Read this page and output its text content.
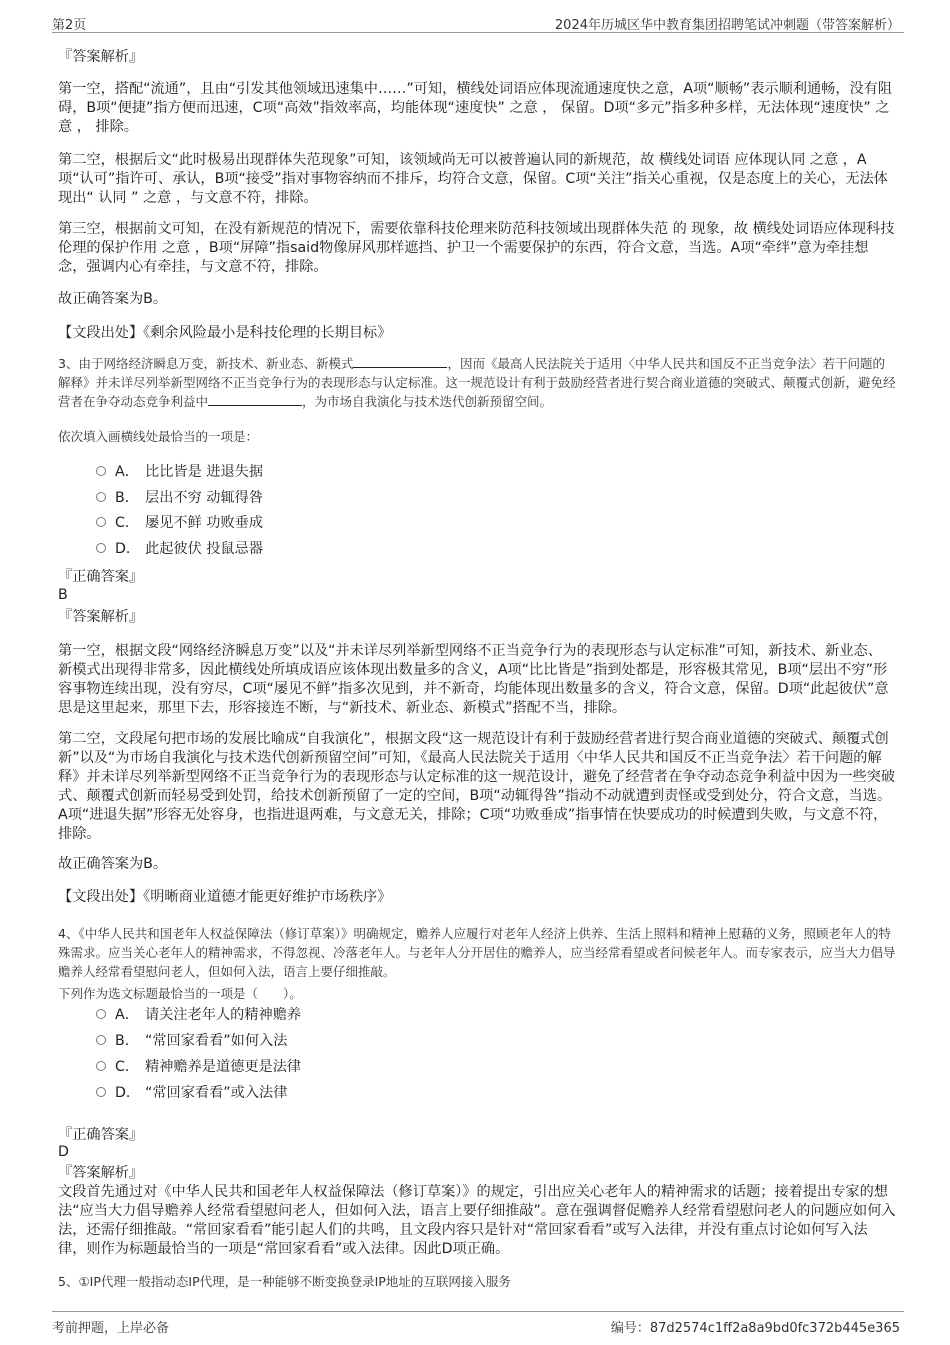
第2页	2024年历城区华中教育集团招聘笔试冲刺题（带答案解析）
『答案解析』

第一空，搭配“流通”，且由“引发其他领域迅速集中……”可知，横线处词语应体现流通速度快之意，A项“顺畅”表示顺利通畅，没有阻碍，B项“便捷”指方便而迅速，C项“高效”指效率高，均能体现“速度快” 之意 ， 保留。D项“多元”指多种多样，无法体现“速度快” 之意 ， 排除。

第二空，根据后文“此时极易出现群体失范现象”可知，该领域尚无可以被普遍认同的新规范，故 横线处词语 应体现认同 之意 ，A项“认可”指许可、承认，B项“接受”指对事物容纳而不排斥，均符合文意，保留。C项“关注”指关心重视，仅是态度上的关心，无法体现出“ 认同 ” 之意 ，与文意不符，排除。

第三空，根据前文可知，在没有新规范的情况下，需要依靠科技伦理来防范科技领域出现群体失范 的 现象，故 横线处词语应体现科技伦理的保护作用 之意 ，B项“屏障”指said物像屏风那样遮挡、护卫一个需要保护的东西，符合文意，当选。A项“牵绊”意为牵挂想念，强调内心有牵挂，与文意不符，排除。

故正确答案为B。
【文段出处】《剩余风险最小是科技伦理的长期目标》

3、由于网络经济瞬息万变，新技术、新业态、新模式	，因而《最高人民法院关于适用〈中华人民共和国反不正当竞争法〉若干问题的解释》并未详尽列举新型网络不正当竞争行为的表现形态与认定标准。这一规范设计有利于鼓励经营者进行契合商业道德的突破式、颠覆式创新，避免经营者在争夺动态竞争利益中	，为市场自我演化与技术迭代创新预留空间。

依次填入画横线处最恰当的一项是：
A． 比比皆是 进退失据
B． 层出不穷 动辄得咎
C． 屡见不鲜 功败垂成
D． 此起彼伏 投鼠忌器
『正确答案』
B
『答案解析』

第一空，根据文段“网络经济瞬息万变”以及“并未详尽列举新型网络不正当竞争行为的表现形态与认定标准”可知，新技术、新业态、新模式出现得非常多，因此横线处所填成语应该体现出数量多的含义，A项“比比皆是”指到处都是，形容极其常见，B项“层出不穷”形容事物连续出现，没有穷尽，C项“屡见不鲜”指多次见到，并不新奇，均能体现出数量多的含义，符合文意，保留。D项“此起彼伏”意思是这里起来，那里下去，形容接连不断，与“新技术、新业态、新模式”搭配不当，排除。

第二空，文段尾句把市场的发展比喻成“自我演化”，根据文段“这一规范设计有利于鼓励经营者进行契合商业道德的突破式、颠覆式创新”以及“为市场自我演化与技术迭代创新预留空间”可知，《最高人民法院关于适用〈中华人民共和国反不正当竞争法〉若干问题的解释》并未详尽列举新型网络不正当竞争行为的表现形态与认定标准的这一规范设计，避免了经营者在争夺动态竞争利益中因为一些突破式、颠覆式创新而轻易受到处罚，给技术创新预留了一定的空间，B项“动辄得咎”指动不动就遭到责怪或受到处分，符合文意，当选。A项“进退失据”形容无处容身，也指进退两难，与文意无关，排除；C项“功败垂成”指事情在快要成功的时候遭到失败，与文意不符，排除。

故正确答案为B。
【文段出处】《明晰商业道德才能更好维护市场秩序》

4、《中华人民共和国老年人权益保障法（修订草案）》明确规定，赡养人应履行对老年人经济上供养、生活上照料和精神上慰藉的义务，照顾老年人的特殊需求。应当关心老年人的精神需求，不得忽视、冷落老年人。与老年人分开居住的赡养人，应当经常看望或者问候老年人。而专家表示，应当大力倡导赡养人经常看望慰问老人，但如何入法，语言上要仔细推敲。

下列作为选文标题最恰当的一项是（　　）。
A． 请关注老年人的精神赡养
B． “常回家看看”如何入法
C． 精神赡养是道德更是法律
D． “常回家看看”或入法律
『正确答案』
D
『答案解析』

文段首先通过对《中华人民共和国老年人权益保障法（修订草案）》的规定，引出应关心老年人的精神需求的话题；接着提出专家的想法“应当大力倡导赡养人经常看望慰问老人，但如何入法，语言上要仔细推敲”。意在强调督促赡养人经常看望慰问老人的问题应如何入法，还需仔细推敲。“常回家看看”能引起人们的共鸣，且文段内容只是针对“常回家看看”或写入法律，并没有重点讨论如何写入法律，则作为标题最恰当的一项是“常回家看看”或入法律。因此D项正确。

5、①IP代理一般指动态IP代理，是一种能够不断变换登录IP地址的互联网接入服务
考前押题，上岸必备	编号：87d2574c1ff2a8a9bd0fc372b445e365
